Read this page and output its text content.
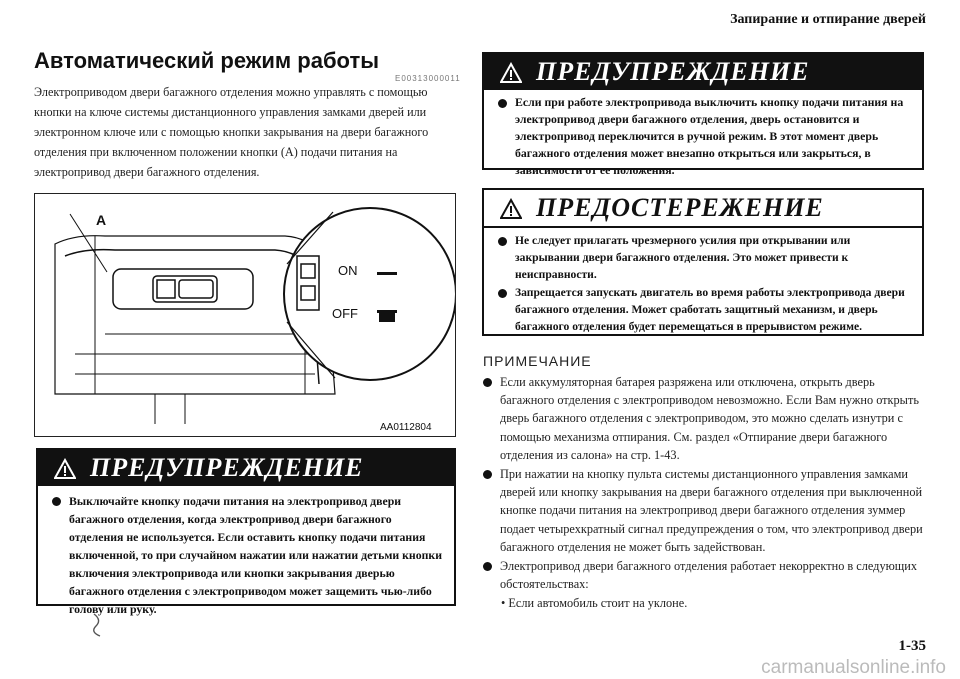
Запирание и отпирание дверей
Автоматический режим работы
E00313000011
Электроприводом двери багажного отделения можно управлять с помощью кнопки на ключе системы дистанционного управления замками дверей или электронном ключе или с помощью кнопки закрывания на двери багажного отделения при включенном положении кнопки (А) подачи питания на электропривод двери багажного отделения.
A
ON
OFF
AA0112804
ПРЕДУПРЕЖДЕНИЕ
Выключайте кнопку подачи питания на электропривод двери багажного отделения, когда электропривод двери багажного отделения не используется. Если оставить кнопку подачи питания включенной, то при случайном нажатии или нажатии детьми кнопки включения электропривода или кнопки закрывания дверью багажного отделения с электроприводом может защемить чью-либо голову или руку.
ПРЕДУПРЕЖДЕНИЕ
Если при работе электропривода выключить кнопку подачи питания на электропривод двери багажного отделения, дверь остановится и электропривод переключится в ручной режим. В этот момент дверь багажного отделения может внезапно открыться или закрыться, в зависимости от ее положения.
ПРЕДОСТЕРЕЖЕНИЕ
Не следует прилагать чрезмерного усилия при открывании или закрывании двери багажного отделения. Это может привести к неисправности.
Запрещается запускать двигатель во время работы электропривода двери багажного отделения. Может сработать защитный механизм, и дверь багажного отделения будет перемещаться в прерывистом режиме.
ПРИМЕЧАНИЕ
Если аккумуляторная батарея разряжена или отключена, открыть дверь багажного отделения с электроприводом невозможно. Если Вам нужно открыть дверь багажного отделения с электроприводом, это можно сделать изнутри с помощью механизма отпирания. См. раздел «Отпирание двери багажного отделения из салона» на стр. 1-43.
При нажатии на кнопку пульта системы дистанционного управления замками дверей или кнопку закрывания на двери багажного отделения при выключенной кнопке подачи питания на электропривод двери багажного отделения зуммер подает четырехкратный сигнал предупреждения о том, что электропривод двери багажного отделения не может быть задействован.
Электропривод двери багажного отделения работает некорректно в следующих обстоятельствах:
• Если автомобиль стоит на уклоне.
1-35
carmanualsonline.info
